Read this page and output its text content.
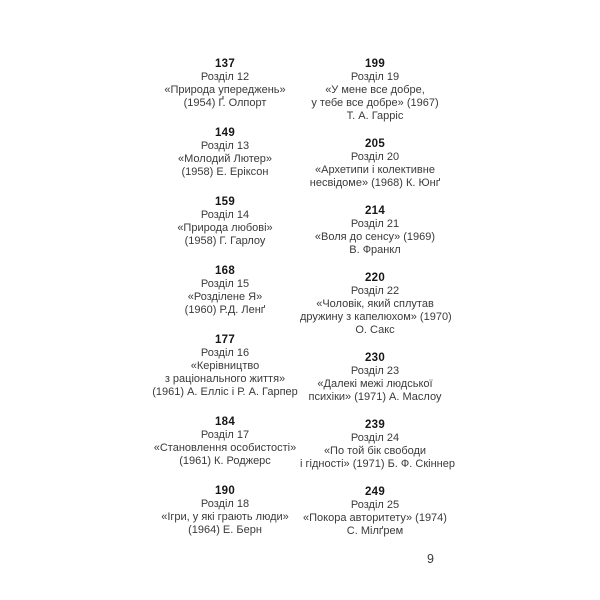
137
Розділ 12
«Природа упереджень»
(1954) Ґ. Олпорт
149
Розділ 13
«Молодий Лютер»
(1958) Е. Еріксон
159
Розділ 14
«Природа любові»
(1958) Г. Гарлоу
168
Розділ 15
«Розділене Я»
(1960) Р.Д. Ленґ
177
Розділ 16
«Керівництво
з раціонального життя»
(1961) А. Елліс і Р. А. Гарпер
184
Розділ 17
«Становлення особистості»
(1961) К. Роджерс
190
Розділ 18
«Ігри, у які грають люди»
(1964) Е. Берн
199
Розділ 19
«У мене все добре,
у тебе все добре» (1967)
Т. А. Гарріс
205
Розділ 20
«Архетипи і колективне
несвідоме» (1968) К. Юнґ
214
Розділ 21
«Воля до сенсу» (1969)
В. Франкл
220
Розділ 22
«Чоловік, який сплутав
дружину з капелюхом» (1970)
О. Сакс
230
Розділ 23
«Далекі межі людської
психіки» (1971) А. Маслоу
239
Розділ 24
«По той бік свободи
і гідності» (1971) Б. Ф. Скіннер
249
Розділ 25
«Покора авторитету» (1974)
С. Мілґрем
9
